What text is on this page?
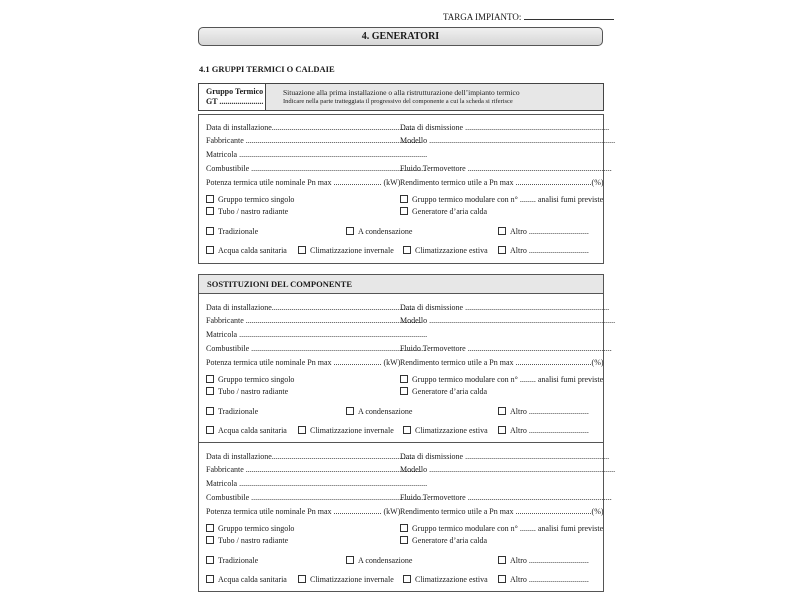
TARGA IMPIANTO:
4. GENERATORI
4.1 GRUPPI TERMICI O CALDAIE
Gruppo Termico
GT ......................
Situazione alla prima installazione o alla ristrutturazione dell’impianto termico
Indicare nella parte tratteggiata il progressivo del componente a cui la scheda si riferisce
SOSTITUZIONI DEL COMPONENTE
Data di installazione.......................................................................
Data di dismissione ........................................................................
Fabbricante ........................................................................................
Modello .............................................................................................
Matricola ..............................................................................................
Combustibile .......................................................................................
Fluido Termovettore ........................................................................
Potenza termica utile nominale Pn max ........................ (kW) Rendimento termico utile a Pn max ......................................(%)
Gruppo termico singolo	Gruppo termico modulare con n° ........ analisi fumi previste
Tubo / nastro radiante	Generatore d’aria calda
Tradizionale	A condensazione	Altro ..............................
Acqua calda sanitaria	Climatizzazione invernale	Climatizzazione estiva	Altro ..............................
Data di installazione.......................................................................
Data di dismissione ........................................................................
Fabbricante ........................................................................................
Modello .............................................................................................
Matricola ..............................................................................................
Combustibile .......................................................................................
Fluido Termovettore ........................................................................
Potenza termica utile nominale Pn max ........................ (kW) Rendimento termico utile a Pn max ......................................(%)
Gruppo termico singolo	Gruppo termico modulare con n° ........ analisi fumi previste
Tubo / nastro radiante	Generatore d’aria calda
Tradizionale	A condensazione	Altro ..............................
Acqua calda sanitaria	Climatizzazione invernale	Climatizzazione estiva	Altro ..............................
Data di installazione.......................................................................
Data di dismissione ........................................................................
Fabbricante ........................................................................................
Modello .............................................................................................
Matricola ..............................................................................................
Combustibile .......................................................................................
Fluido Termovettore ........................................................................
Potenza termica utile nominale Pn max ........................ (kW) Rendimento termico utile a Pn max ......................................(%)
Gruppo termico singolo	Gruppo termico modulare con n° ........ analisi fumi previste
Tubo / nastro radiante	Generatore d’aria calda
Tradizionale	A condensazione	Altro ..............................
Acqua calda sanitaria	Climatizzazione invernale	Climatizzazione estiva	Altro ..............................
